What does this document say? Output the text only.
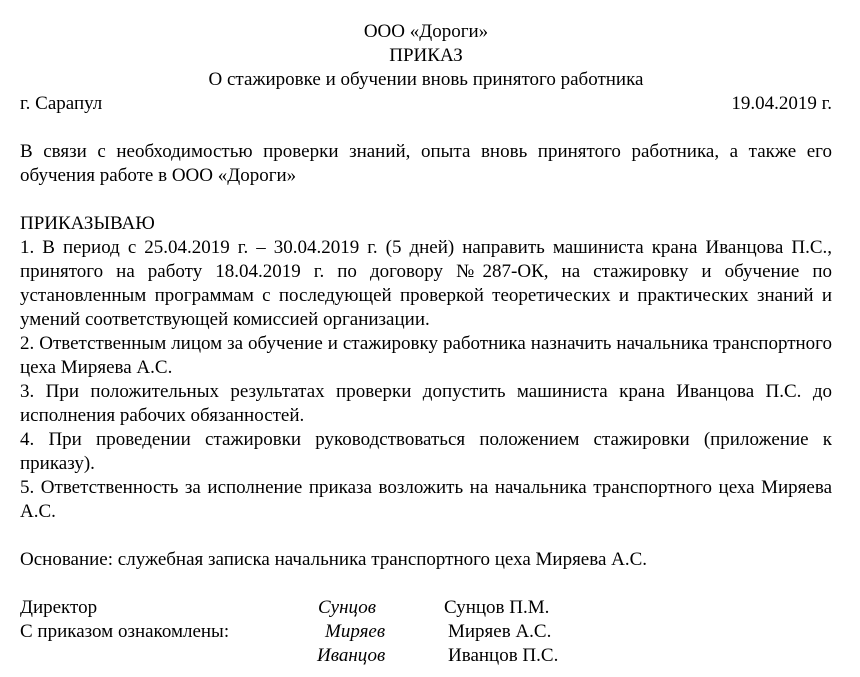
ООО «Дороги»
ПРИКАЗ
О стажировке и обучении вновь принятого работника
г. Сарапул	19.04.2019 г.
В связи с необходимостью проверки знаний, опыта вновь принятого работника, а также его обучения работе в ООО «Дороги»
ПРИКАЗЫВАЮ
1. В период с 25.04.2019 г. – 30.04.2019 г. (5 дней) направить машиниста крана Иванцова П.С., принятого на работу 18.04.2019 г. по договору №287-ОК, на стажировку и обучение по установленным программам с последующей проверкой теоретических и практических знаний и умений соответствующей комиссией организации.
2. Ответственным лицом за обучение и стажировку работника назначить начальника транспортного цеха Миряева А.С.
3. При положительных результатах проверки допустить машиниста крана Иванцова П.С. до исполнения рабочих обязанностей.
4. При проведении стажировки руководствоваться положением стажировки (приложение к приказу).
5. Ответственность за исполнение приказа возложить на начальника транспортного цеха Миряева А.С.
Основание: служебная записка начальника транспортного цеха Миряева А.С.
Директор	Сунцов	Сунцов П.М.
С приказом ознакомлены:	Миряев	Миряев А.С.
Иванцов	Иванцов П.С.
